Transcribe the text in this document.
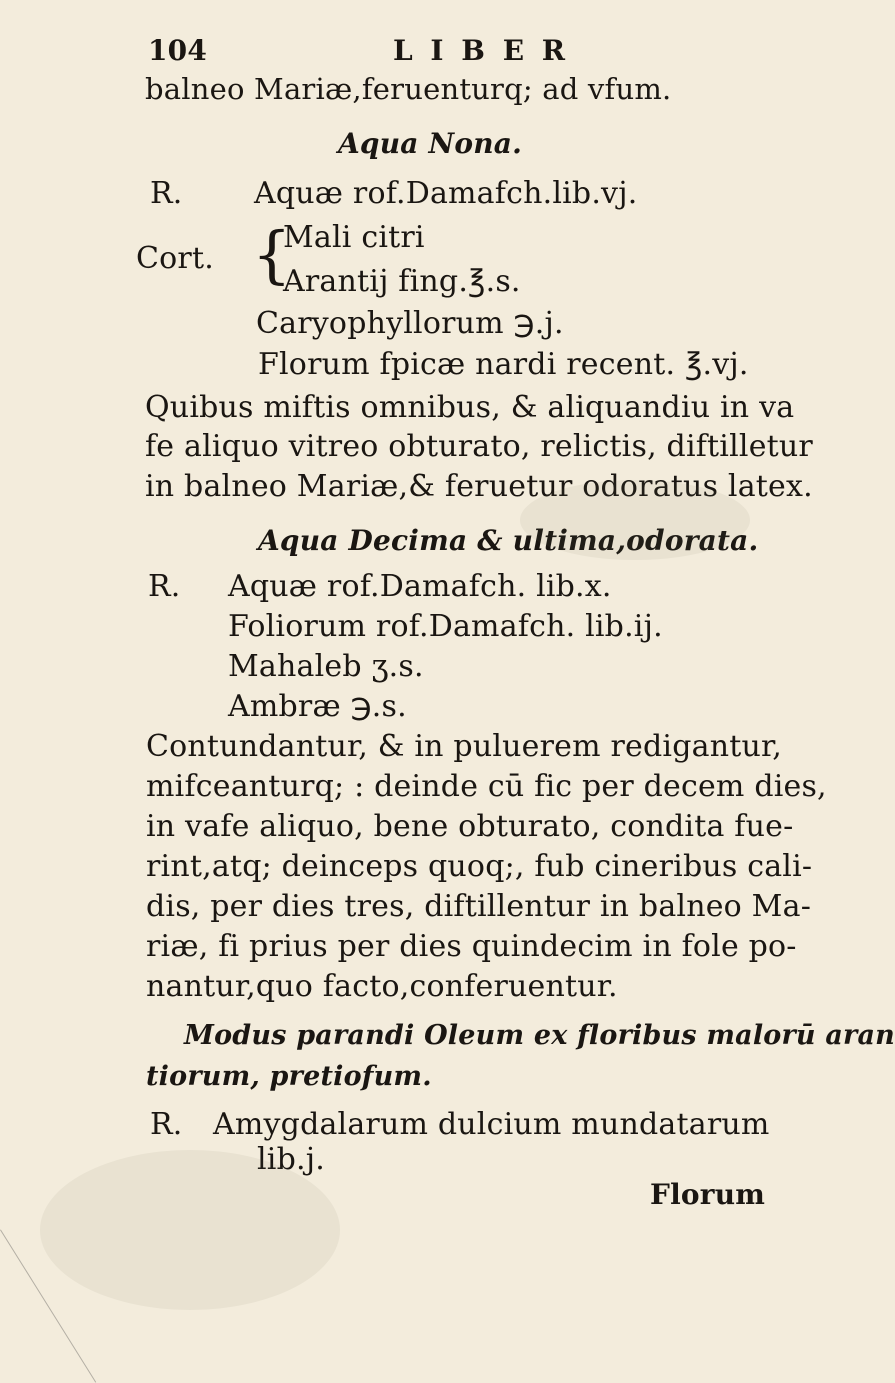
104	L I B E R
balneo Mariæ,feruenturq; ad vfum.
Aqua Nona.
R. Aquæ rof.Damafch.lib.vj.
Cort. {
Mali citri
Arantij fing.℥.s.
Caryophyllorum ℈.j.
Florum fpicæ nardi recent. ℥.vj.
Quibus miftis omnibus, & aliquandiu in va
fe aliquo vitreo obturato, relictis, diftilletur
in balneo Mariæ,& feruetur odoratus latex.
Aqua Decima & ultima,odorata.
R. Aquæ rof.Damafch. lib.x.
Foliorum rof.Damafch. lib.ij.
Mahaleb ʒ.s.
Ambræ ℈.s.
Contundantur, & in puluerem redigantur,
mifceanturq; : deinde cū fic per decem dies,
in vafe aliquo, bene obturato, condita fue-
rint,atq; deinceps quoq;, fub cineribus cali-
dis, per dies tres, diftillentur in balneo Ma-
riæ, fi prius per dies quindecim in fole po-
nantur,quo facto,conferuentur.
Modus parandi Oleum ex floribus malorū aran
tiorum, pretiofum.
R. Amygdalarum dulcium mundatarum
lib.j.
Florum
